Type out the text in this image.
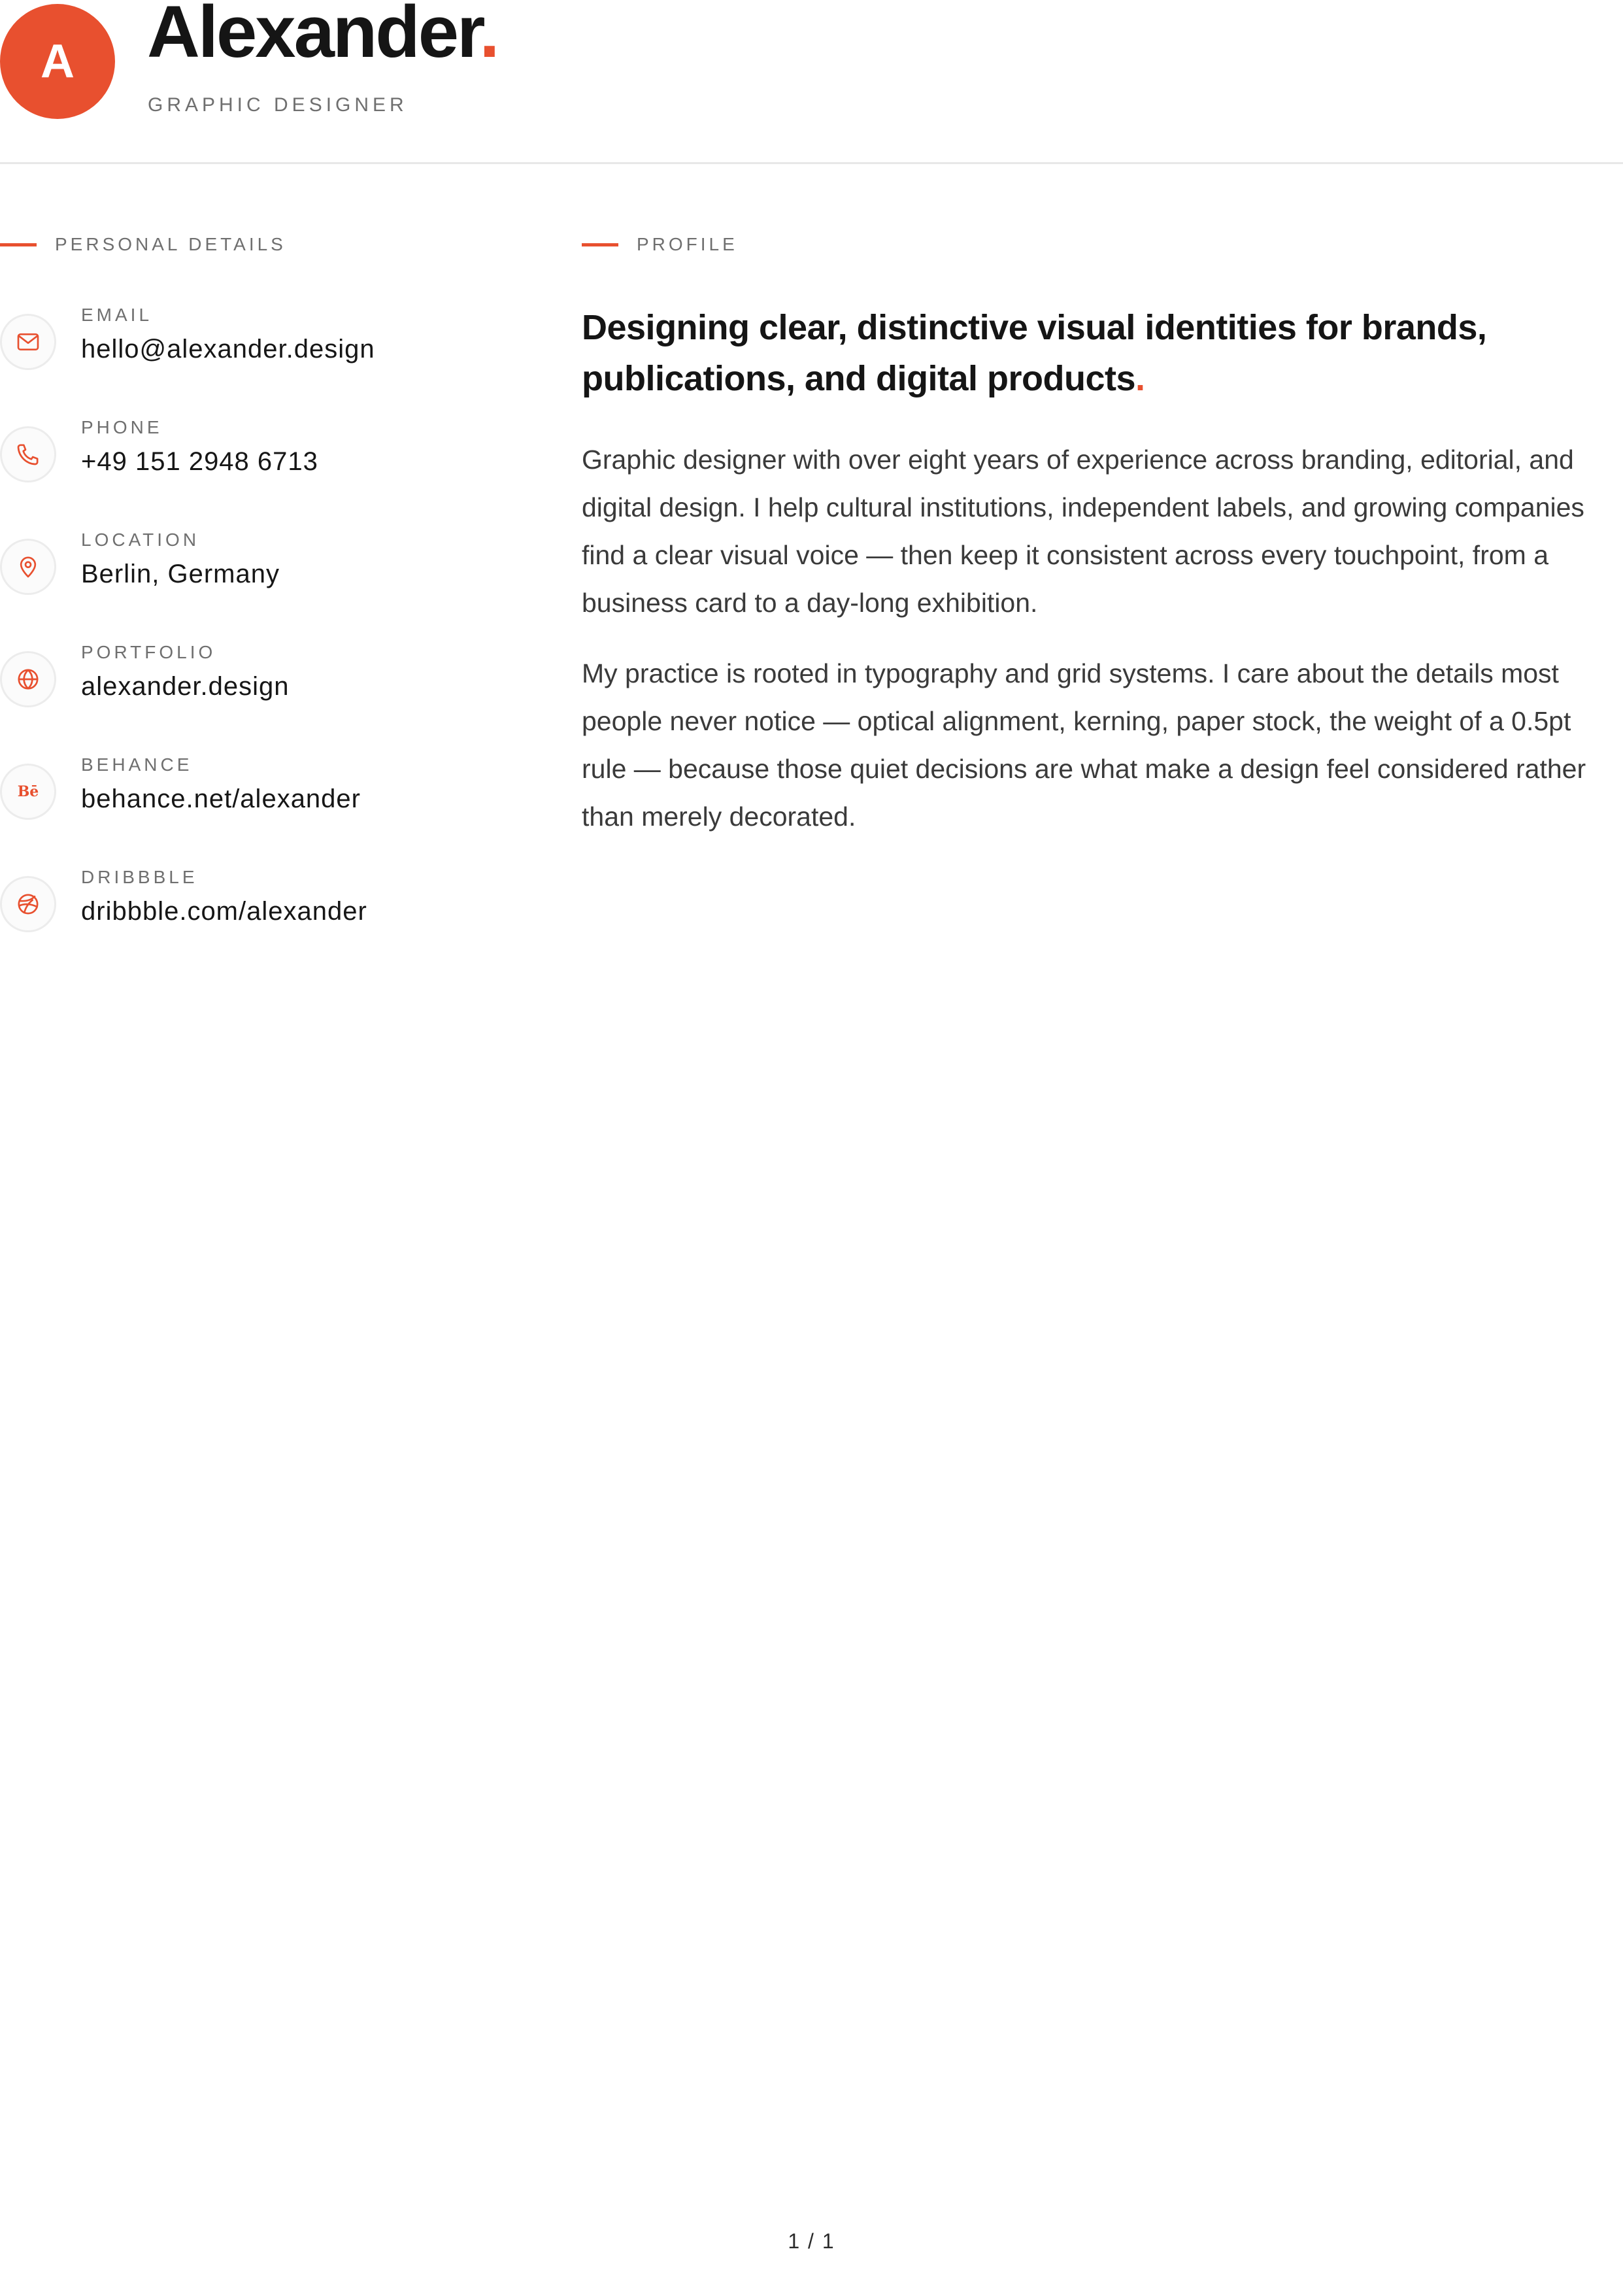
A Alexander.
GRAPHIC DESIGNER
PERSONAL DETAILS
EMAIL
hello@alexander.design
PHONE
+49 151 2948 6713
LOCATION
Berlin, Germany
PORTFOLIO
alexander.design
Bē
BEHANCE
behance.net/alexander
DRIBBBLE
dribbble.com/alexander
PROFILE
Designing clear, distinctive visual identities for brands, publications, and digital products.

Graphic designer with over eight years of experience across branding, editorial, and digital design. I help cultural institutions, independent labels, and growing companies find a clear visual voice — then keep it consistent across every touchpoint, from a business card to a day-long exhibition.

My practice is rooted in typography and grid systems. I care about the details most people never notice — optical alignment, kerning, paper stock, the weight of a 0.5pt rule — because those quiet decisions are what make a design feel considered rather than merely decorated.

1 / 1
